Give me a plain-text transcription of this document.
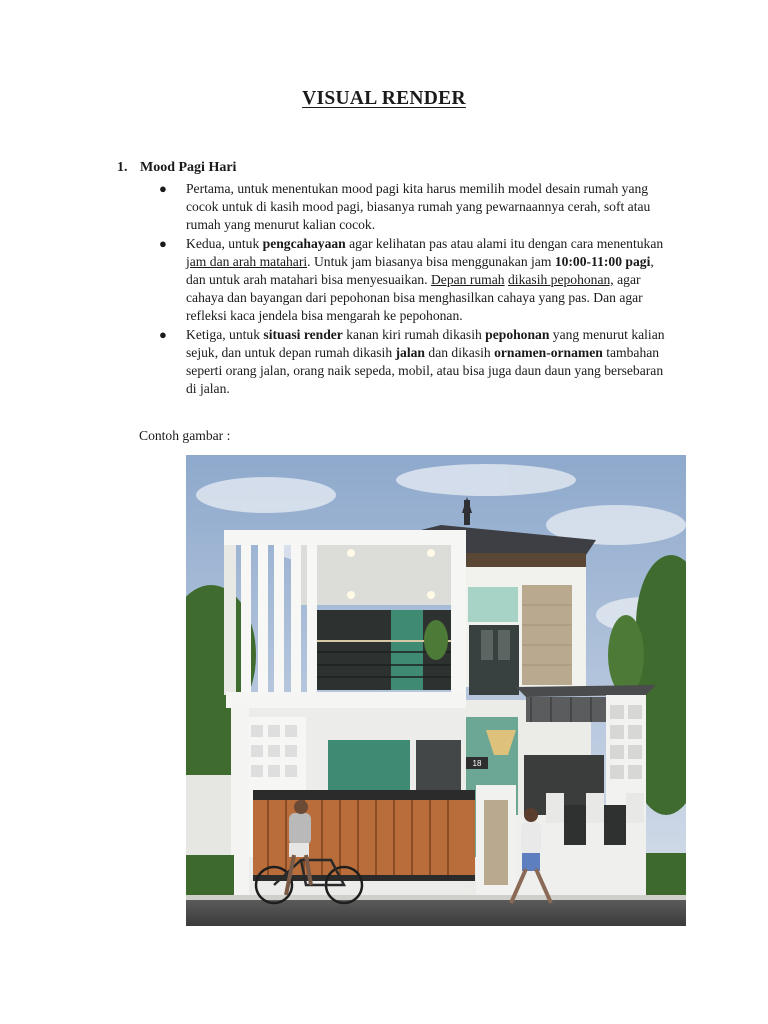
VISUAL RENDER
1. Mood Pagi Hari
● Pertama, untuk menentukan mood pagi kita harus memilih model desain rumah yang cocok untuk di kasih mood pagi, biasanya rumah yang pewarnaannya cerah, soft atau rumah yang menurut kalian cocok.
● Kedua, untuk pengcahayaan agar kelihatan pas atau alami itu dengan cara menentukan jam dan arah matahari. Untuk jam biasanya bisa menggunakan jam 10:00-11:00 pagi, dan untuk arah matahari bisa menyesuaikan. Depan rumah dikasih pepohonan, agar cahaya dan bayangan dari pepohonan bisa menghasilkan cahaya yang pas. Dan agar refleksi kaca jendela bisa mengarah ke pepohonan.
● Ketiga, untuk situasi render kanan kiri rumah dikasih pepohonan yang menurut kalian sejuk, dan untuk depan rumah dikasih jalan dan dikasih ornamen-ornamen tambahan seperti orang jalan, orang naik sepeda, mobil, atau bisa juga daun daun yang bersebaran di jalan.
Contoh gambar :
18
